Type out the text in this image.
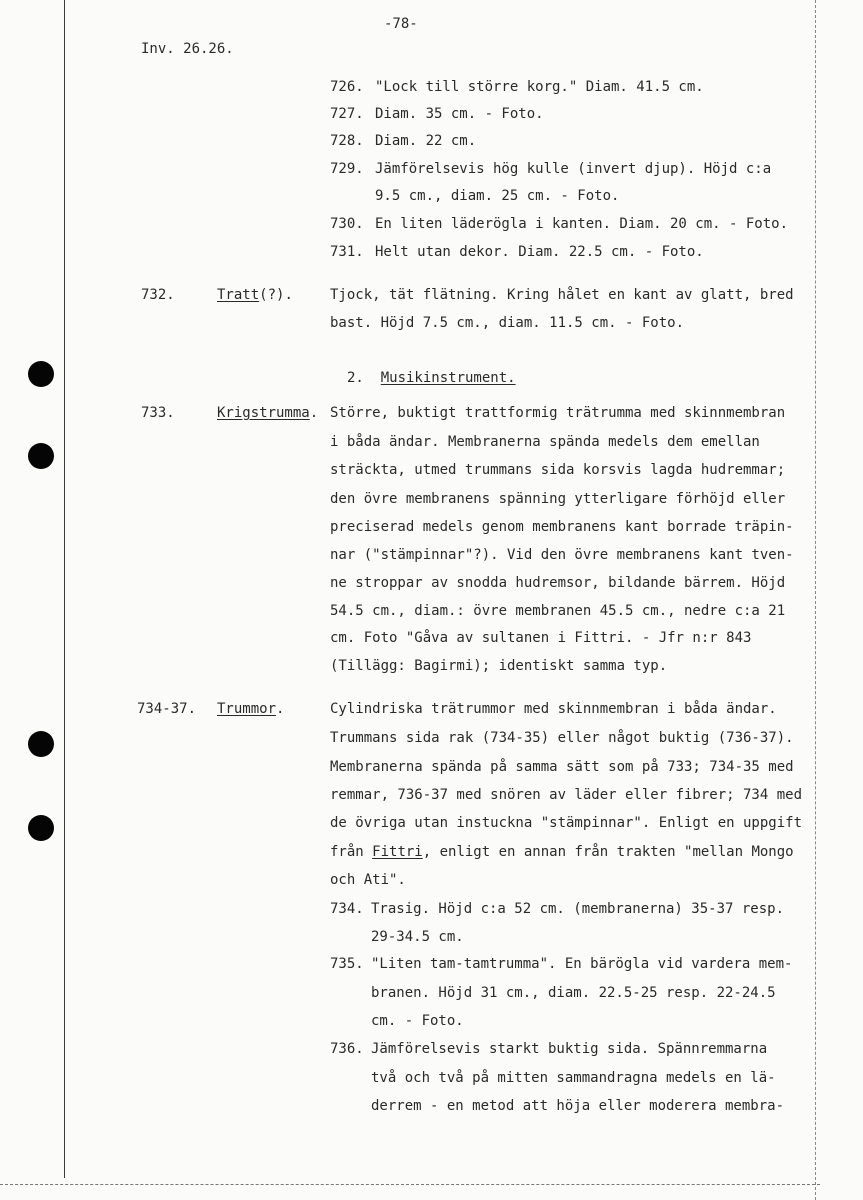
-78-
Inv. 26.26.
726. "Lock till större korg." Diam. 41.5 cm.
727. Diam. 35 cm. - Foto.
728. Diam. 22 cm.
729. Jämförelsevis hög kulle (invert djup). Höjd c:a
9.5 cm., diam. 25 cm. - Foto.
730. En liten läderögla i kanten. Diam. 20 cm. - Foto.
731. Helt utan dekor. Diam. 22.5 cm. - Foto.
732.	Tratt(?).	Tjock, tät flätning. Kring hålet en kant av glatt, bred
bast. Höjd 7.5 cm., diam. 11.5 cm. - Foto.
2. Musikinstrument.
733.	Krigstrumma. Större, buktigt trattformig trätrumma med skinnmembran
i båda ändar. Membranerna spända medels dem emellan
sträckta, utmed trummans sida korsvis lagda hudremmar;
den övre membranens spänning ytterligare förhöjd eller
preciserad medels genom membranens kant borrade träpin-
nar ("stämpinnar"?). Vid den övre membranens kant tven-
ne stroppar av snodda hudremsor, bildande bärrem. Höjd
54.5 cm., diam.: övre membranen 45.5 cm., nedre c:a 21
cm. Foto "Gåva av sultanen i Fittri. - Jfr n:r 843
(Tillägg: Bagirmi); identiskt samma typ.
734-37. Trummor.	Cylindriska trätrummor med skinnmembran i båda ändar.
Trummans sida rak (734-35) eller något buktig (736-37).
Membranerna spända på samma sätt som på 733; 734-35 med
remmar, 736-37 med snören av läder eller fibrer; 734 med
de övriga utan instuckna "stämpinnar". Enligt en uppgift
från Fittri, enligt en annan från trakten "mellan Mongo
och Ati".
734. Trasig. Höjd c:a 52 cm. (membranerna) 35-37 resp.
29-34.5 cm.
735. "Liten tam-tamtrumma". En bärögla vid vardera mem-
branen. Höjd 31 cm., diam. 22.5-25 resp. 22-24.5
cm. - Foto.
736. Jämförelsevis starkt buktig sida. Spännremmarna
två och två på mitten sammandragna medels en lä-
derrem - en metod att höja eller moderera membra-
